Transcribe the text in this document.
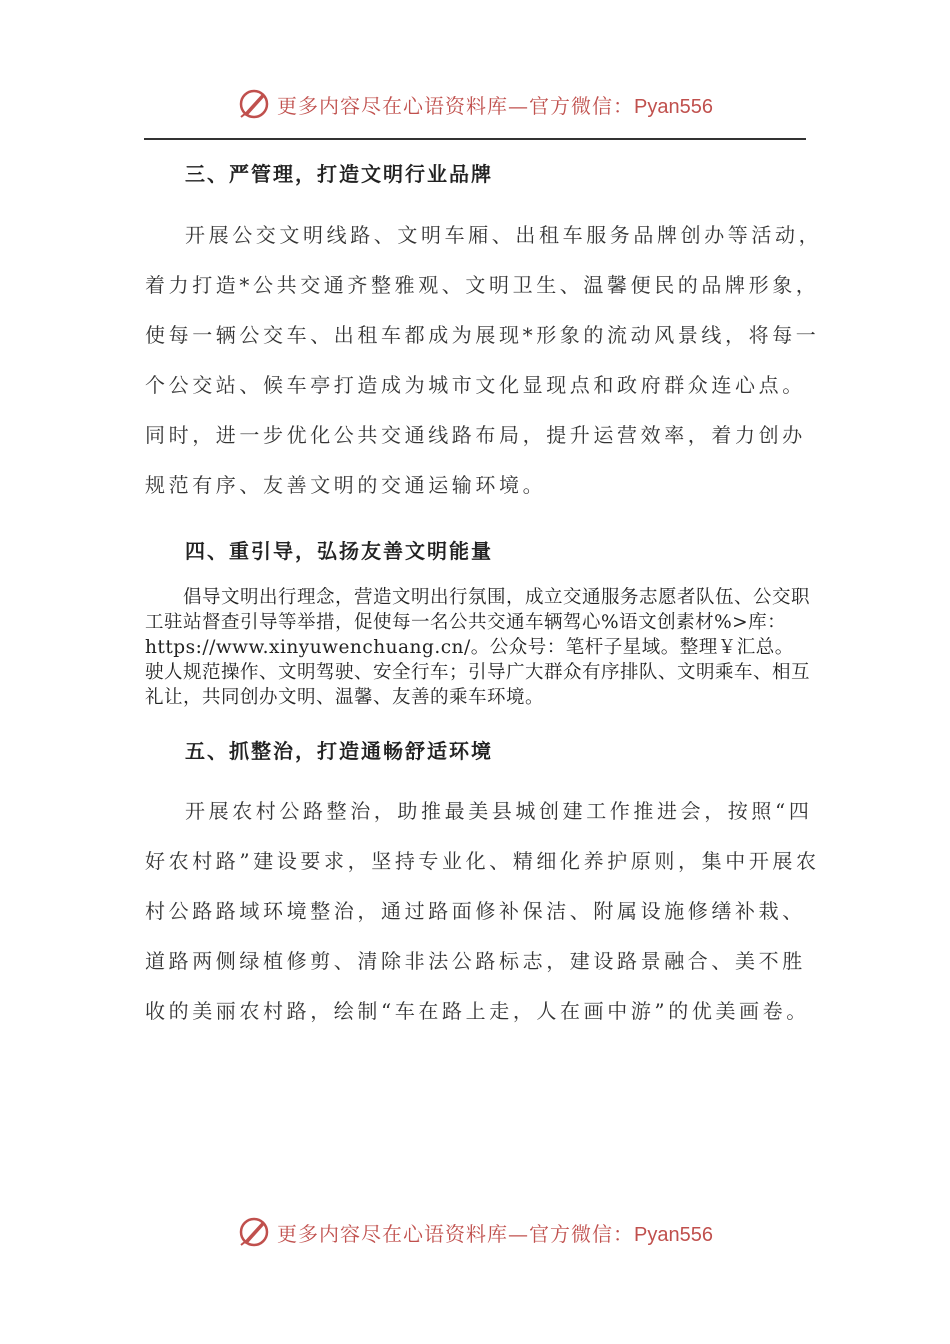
更多内容尽在心语资料库—官方微信：Pyan556
三、严管理，打造文明行业品牌
开展公交文明线路、文明车厢、出租车服务品牌创办等活动，着力打造*公共交通齐整雅观、文明卫生、温馨便民的品牌形象，使每一辆公交车、出租车都成为展现*形象的流动风景线，将每一个公交站、候车亭打造成为城市文化显现点和政府群众连心点。同时，进一步优化公共交通线路布局，提升运营效率，着力创办规范有序、友善文明的交通运输环境。
四、重引导，弘扬友善文明能量
倡导文明出行理念，营造文明出行氛围，成立交通服务志愿者队伍、公交职工驻站督查引导等举措，促使每一名公共交通车辆驾心%语文创素材%>库：https://www.xinyuwenchuang.cn/。公众号：笔杆子星域。整理￥汇总。驶人规范操作、文明驾驶、安全行车；引导广大群众有序排队、文明乘车、相互礼让，共同创办文明、温馨、友善的乘车环境。
五、抓整治，打造通畅舒适环境
开展农村公路整治，助推最美县城创建工作推进会，按照“四好农村路”建设要求，坚持专业化、精细化养护原则，集中开展农村公路路域环境整治，通过路面修补保洁、附属设施修缮补栽、道路两侧绿植修剪、清除非法公路标志，建设路景融合、美不胜收的美丽农村路，绘制“车在路上走，人在画中游”的优美画卷。
更多内容尽在心语资料库—官方微信：Pyan556
